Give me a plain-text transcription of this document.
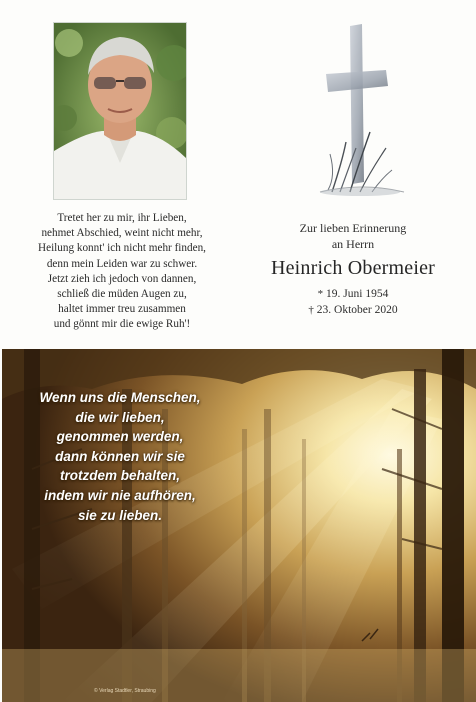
Tretet her zu mir, ihr Lieben,
nehmet Abschied, weint nicht mehr,
Heilung konnt' ich nicht mehr finden,
denn mein Leiden war zu schwer.
Jetzt zieh ich jedoch von dannen,
schließ die müden Augen zu,
haltet immer treu zusammen
und gönnt mir die ewige Ruh'!
Zur lieben Erinnerung
an Herrn
Heinrich Obermeier
* 19. Juni 1954
† 23. Oktober 2020
Wenn uns die Menschen,
die wir lieben,
genommen werden,
dann können wir sie
trotzdem behalten,
indem wir nie aufhören,
sie zu lieben.
© Verlag Stadtler, Straubing
